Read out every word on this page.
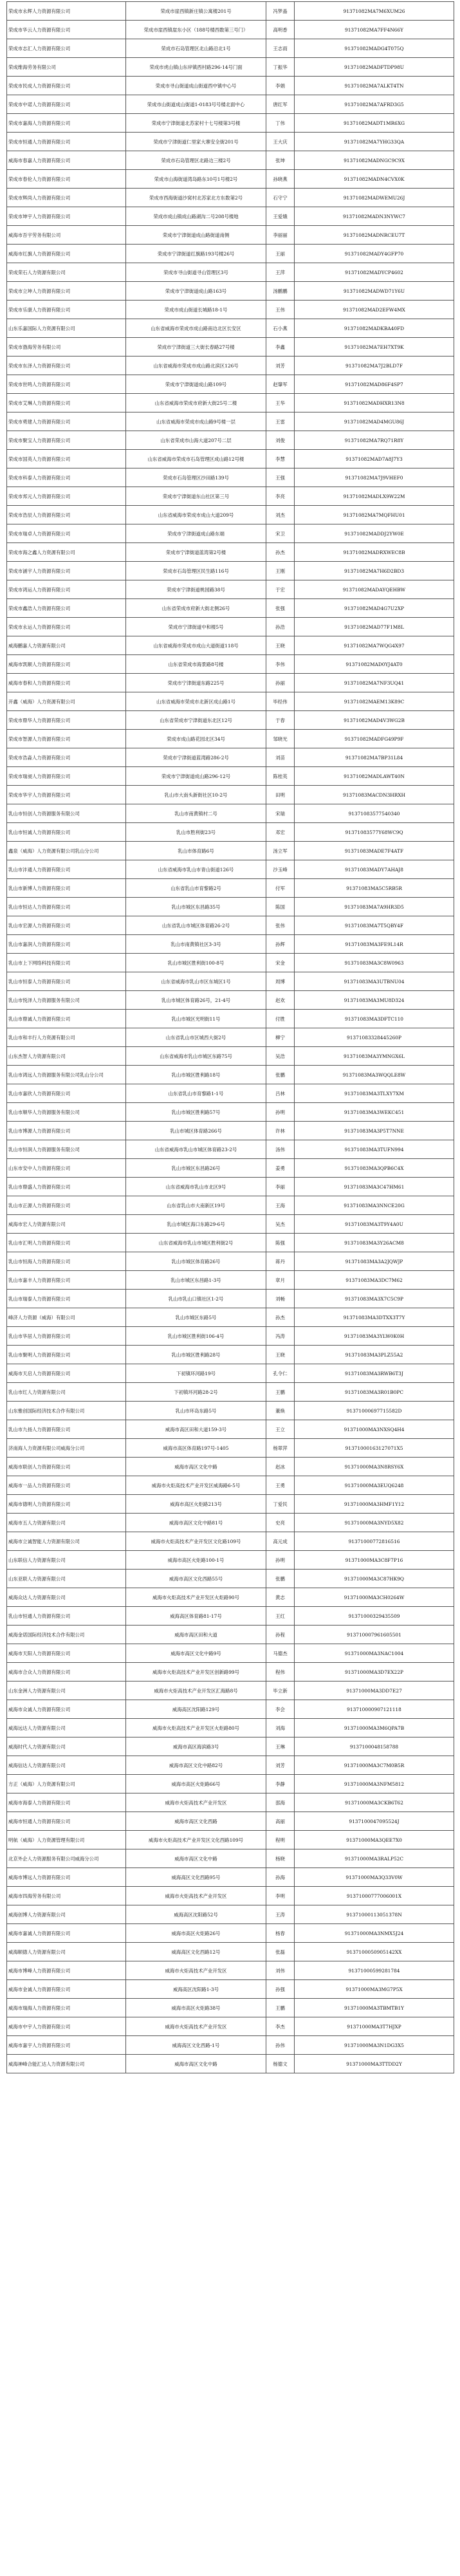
荣成市永辉人力资源有限公司	荣成市崖西镇新庄镇公寓楼201号	冯梦晶	91371082MA7M6XUM26
荣成市华云人力资源有限公司	荣成市崖西镇崖东小区（188号楼西数第三号门）	高明香	91371082MA7FF4N66Y
荣成市志汇人力资源有限公司	荣成市石岛管理区北山路沿北1号	王志雨	91371082MADG4T075Q
荣成维海劳务有限公司	荣成市虎山镇山东岸镇西村路296-14号门面	丁振华	91371082MADFTDP98U
荣成市民成人力资源有限公司	荣成市寻山街道成山街道西中镇中心号	李娟	91371082MA7ALKT4TN
荣成市中诺人力资源有限公司	荣成市山街道成山街道1-0183号号楼北面中心	唐红军	91371082MA7AFRD3G5
荣成市嘉海人力资源有限公司	荣成市宁津街道北苏家村十七号楼第3号楼	丁伟	91371082MADT1MR6XG
荣成市恒通人力资源有限公司	荣成市宁津街道仁里家大寨安全街201号	王大庆	91371082MA7YHG33QA
威海市春嘉人力资源有限公司	荣成市石岛管理区北路边三楼2号	张坤	91371082MADNGC9C9X
荣成市春伦人力资源有限公司	荣成市山海街道湾岛路东10号1号楼2号	孙晓燕	91371082MADN4CVX0K
荣成市辉尚人力资源有限公司	荣成市西海街道沙窝村北苏家北方东数第2号	石守宁	91371082MADWEMU26J
荣成市坤宇人力资源有限公司	荣成市成山镇成山路湖沟二号208号楼地	王爱娥	91371082MADN3NYWC7
威海市吾宇劳务有限公司	荣成市宁津街道成山路街道南侧	李丽丽	91371082MADNRCEU7T
威海市红旗人力资源有限公司	荣成市宁津街道红旗路193号楼26号	王丽	91371082MADY4GFP70
荣成荣石人力资源有限公司	荣成市寻山街道寻山管理区3号	王萍	91371082MADYCP4602
荣成市立坤人力资源有限公司	荣成市宁津街道成山路163号	汤鹏鹏	91371082MADWD71Y6U
荣成市乐康人力资源有限公司	荣成市成山街道长城路18-1号	王伟	91371082MAD2EFW4MX
山东乐嘉国际人力资源有限公司	山东省威海市荣成市成山路南边北区长安区	石小燕	91371082MADKBA40FD
荣成市渤海劳务有限公司	荣成市宁津街道三大街长春路27号楼	李鑫	91371082MA7EH7XT9K
荣成市东泽人力资源有限公司	山东省威海市荣成市成山路北滨区126号	刘芳	91371082MA7J2BLD7F
荣成市世鸣人力资源有限公司	荣成市宁津街道成山路109号	赵肇军	91371082MAD86F4SP7
荣成市艾琳人力资源有限公司	山东省威海市荣成市府新大街25号二楼	王华	91371082MADHXR13N8
荣成市勇建人力资源有限公司	山东省威海市荣成市成山路9号楼一层	王雷	91371082MAD4MGU86J
荣成市聚宝人力资源有限公司	山东省荣成市山海大道207号二层	刘俊	91371082MA7RQ71R8Y
荣成市国英人力资源有限公司	山东省威海市荣成市石岛管理区成山路12号楼	李慧	91371082MAD7A8J7Y3
荣成市科泰人力资源有限公司	荣成市石岛管理区沙田路139号	王强	91371082MA7J9VHEF0
荣成市邦元人力资源有限公司	荣成市宁津街道东山社区第三号	李亮	91371082MADLX9W22M
荣成市浩辰人力资源有限公司	山东省威海市荣成市成山大道209号	刘杰	91371082MA7MQFHU01
荣成市瑞卓人力资源有限公司	荣成市宁津街道成山路东端	宋卫	91371082MADDJ2YW0E
荣成市海之鑫人力资源有限公司	荣成市宁津街道蓝湾第2号楼	孙杰	91371082MADRXWEC8B
荣成市涵宇人力资源有限公司	荣成市石岛管理区民生路116号	王刚	91371082MA7H6D2BD3
荣成市鸿运人力资源有限公司	荣成市宁津街道桃园路38号	于宏	91371082MADAYQEHBW
荣成市鑫浩人力资源有限公司	山东省荣成市府新大街北侧26号	张强	91371082MAD4G7U2XP
荣成市永运人力资源有限公司	荣成市宁津街道中和楼5号	孙浩	91371082MAD77F1M8L
威海鹏嘉人力资源有限公司	山东省威海市荣成市成山大道街道118号	王晓	91371082MA7WQG4X97
威海市凯顺人力资源有限公司	山东省荣成市海景路8号楼	李伟	91371082MAD0YJ4AT0
威海市春和人力资源有限公司	荣成市宁津街道东路225号	孙丽	91371082MA7NF3UQ41
开鑫（威海）人力资源有限公司	山东省威海市荣成市北新区成山路1号	毕经伟	91371082MAEM13K89C
荣成市鼎华人力资源有限公司	山东省荣成市宁津街道东北区12号	于春	91371082MAD4V3WG2B
荣成市智源人力资源有限公司	荣成市成山路花园北区34号	邹晓光	91371082MADFG49P9F
荣成市浩淼人力资源有限公司	荣成市宁津街道蓝湾路286-2号	刘苗	91371082MA7BP31L84
荣成市瑞昶人力资源有限公司	荣成市宁津街道成山路296-12号	陈桂英	91371082MADLAWT40N
荣成市华宇人力资源有限公司	乳山市大南头新街社区10-2号	田明	91371083MACDN3HRXH
乳山市恒创人力资源服务有限公司	乳山市南黄镇村二号	宋瑞	91371083577540340
乳山市恒诚人力资源有限公司	乳山市胜利街23号	邓宏	91371083577Y68WC9Q
鑫泉（威海）人力资源有限公司乳山分公司	乳山市体育路6号	汤立军	91371083MADE7F4ATF
乳山市沣通人力资源有限公司	山东省威海市乳山市青山街道126号	沙玉峰	91371083MADY7AHAJ8
乳山市新博人力资源有限公司	山东省乳山市育黎路2号	付军	91371083MA5C5RB5R
乳山市恒达人力资源有限公司	乳山市城区东昌路35号	陈国	91371083MA7A9HR3D5
乳山市宏源人力资源有限公司	山东省乳山市城区体育路26-2号	张伟	91371083MA7T5QBY4F
乳山市嘉润人力资源有限公司	乳山市南黄镇社区3-3号	孙辉	91371083MA3FE9L14R
乳山市上下网络科技有限公司	乳山市城区胜利街100-8号	宋金	91371083MA3C8W0963
乳山市恒泰人力资源有限公司	山东省威海市乳山市区东城区1号	周博	91371083MA3UTBNU04
乳山市悦泽人力资源服务有限公司	乳山市城区体育路26号，21-4号	赵欢	91371083MA3MU8D324
乳山市鼎诚人力资源有限公司	乳山市城区光明街11号	付胜	91371083MA3DFTC110
乳山市和丰行人力资源有限公司	山东省乳山市区城西大街2号	柳宁	91371083328445260P
山东杰智人力资源有限公司	山东省威海市乳山市城区东路75号	吴浩	91371083MA3YMNGX6L
乳山市鸿远人力资源服务有限公司乳山分公司	乳山市城区胜利路18号	张鹏	91371083MA3WQQLE8W
乳山市嘉欣人力资源有限公司	山东省乳山市育黎路1-1号	吕林	91371083MA3TLXY7XM
乳山市顺华人力资源服务有限公司	乳山市城区胜利路57号	孙明	91371083MA3WEKC451
乳山市博源人力资源有限公司	乳山市城区体育路266号	许林	91371083MA3P5T7NNE
乳山市恒润人力资源服务有限公司	山东省威海市乳山市城区体育路23-2号	汤伟	91371083MA3TUFN994
山东市安中人力资源有限公司	乳山市城区东昌路26号	姜勇	91371083MA3QPB6C4X
乳山市鼎盛人力资源有限公司	山东省威海市乳山市北区9号	李丽	91371083MA3C47HM61
乳山市正源人力资源有限公司	山东省乳山市大南新区19号	王海	91371083MA3NNCE20G
威海市宏人力资源有限公司	乳山市城区海口东路29-6号	吴杰	91371083MA3T9Y4A0U
乳山市汇明人力资源有限公司	山东省威海市乳山市城区胜利街2号	陈强	91371083MA3Y26ACM8
乳山市恒海人力资源有限公司	乳山市城区体育路26号	蒋丹	91371083MA3A2JQWJP
乳山市嘉丰人力资源有限公司	乳山市城区东昌路1-3号	章月	91371083MA3DC7M62
乳山市瑞泰人力资源有限公司	乳山市乳山口镇社区1-2号	刘畅	91371083MA3X7C5C9P
峰济人力资源（威海）有限公司	乳山市城区东路5号	孙杰	91371083MA3DTXX3T7Y
乳山市华居人力资源有限公司	乳山市城区胜利街106-4号	冯涛	91371083MA3YLW0K0H
乳山市聚明人力资源有限公司	乳山市城区胜利路28号	王晓	91371083MA3PLZ55A2
威海市天启人力资源有限公司	下初镇环河路19号	孔令仁	91371083MA3RWB6T3J
乳山市红人力资源有限公司	下初镇环河路28-2号	王鹏	91371083MA3R01B0PC
山东雅创国际经济技术合作有限公司	乳山市环岛东路5号	董焕	91371000697715582D
乳山市九扬人力资源有限公司	威海市高区田和大道159-3号	王立	91371000MA3NXSQ4H4
济南海人力资源有限公司威海分公司	威海市高区体育路197号-1405	杨翠萍	91371000163127071X5
威海市联创人力资源有限公司	威海市高区文化中路	赵冰	91371000MA3N8RSY6X
威海市一品人力资源有限公司	威海市火炬高技术产业开发区威海路6-5号	王勇	91371000MA3EUQ6248
威海市德明人力资源有限公司	威海市高区火炬路213号	丁爱民	91371000MA3HMF1Y12
威海市五人力资源有限公司	威海市高区文化中路81号	史亮	91371000MA3NYD5X82
威海市立诚智能人力资源有限公司	威海市火炬高技术产业开发区文化路109号	高元成	91371000772816516
山东联信人力资源有限公司	威海市高区火炬路100-1号	孙明	91371000MA3C8F7P16
山东亚联人力资源有限公司	威海市高区文化西路55号	张鹏	91371000MA3C87HK9Q
威海众达人力资源有限公司	威海市火炬高技术产业开发区火炬路90号	黄志	91371000MA3CH0264W
乳山市恒通人力资源有限公司	威海高区体育路81-17号	王红	91371000329435509
威海金诺国际经济技术合作有限公司	威海市高区田和大道	孙程	913710007961605501
威海市天阳人力资源有限公司	威海市高区文化中路9号	马德杰	91371000MA3NAC1004
威海市合众人力资源有限公司	威海市火炬高技术产业开发区创新路99号	程伟	91371000MA3D7EX22P
山东金洲人力资源有限公司	威海市火炬高技术产业开发区汇海路8号	毕立新	91371000MA3DD7E27
威海市众诚人力资源有限公司	威海高区沈阳路129号	李会	913710000907121118
威海远达人力资源有限公司	威海市火炬高技术产业开发区火炬路80号	刘海	91371000MA3M6QPA7B
威海时代人力资源有限公司	威海市高区海滨路3号	王琳	9137100048158788
威海信达人力资源有限公司	威海市高区文化中路82号	刘芳	91371000MA3C7M0B5R
方正（威海）人力资源有限公司	威海市高区火炬路66号	李静	91371000MA3NFM5812
威海市海泰人力资源有限公司	威海市火炬高技术产业开发区	邵海	91371000MA3CKB6T62
威海市恒通人力资源有限公司	威海市高区文化西路	高丽	9137100047095524J
明航（威海）人力资源管理有限公司	威海市火炬高技术产业开发区文化西路109号	程明	91371000MA3QEE7X0
北京外企人力资源服务有限公司威海分公司	威海市高区文化中路	杨晓	91371000MA3RALP52C
威海市博远人力资源有限公司	威海高区文化西路95号	孙海	91371000MA3Q33V0W
威海市四海劳务有限公司	威海市火炬高技术产业开发区	李明	91371000777006001X
威海创博人力资源有限公司	威海高区沈阳路52号	王涛	91371000113051378N
威海市嘉诚人力资源有限公司	威海市高区火炬路26号	杨春	91371000MA3NMX5J24
威海顺德人力资源有限公司	威海高区文化西路12号	张磊	9137100050905142XX
威海市博峰人力资源有限公司	威海市火炬高技术产业开发区	刘伟	91371000599281784
威海市金诚人力资源有限公司	威海高区沈阳路1-3号	孙强	91371000MA3MG7P5X
威海市瑞海人力资源有限公司	威海市高区火炬路38号	王鹏	91371000MA3TBMTB1Y
威海市中宇人力资源有限公司	威海市火炬高技术产业开发区	李杰	91371000MA3T7HJXP
威海市嘉宇人力资源有限公司	威海高区文化西路-1号	孙伟	91371000MA3N1DG3X5
威海神峰合能汇达人力资源有限公司	威海市高区文化中路	杨德文	91371000MA3TTDD2Y
